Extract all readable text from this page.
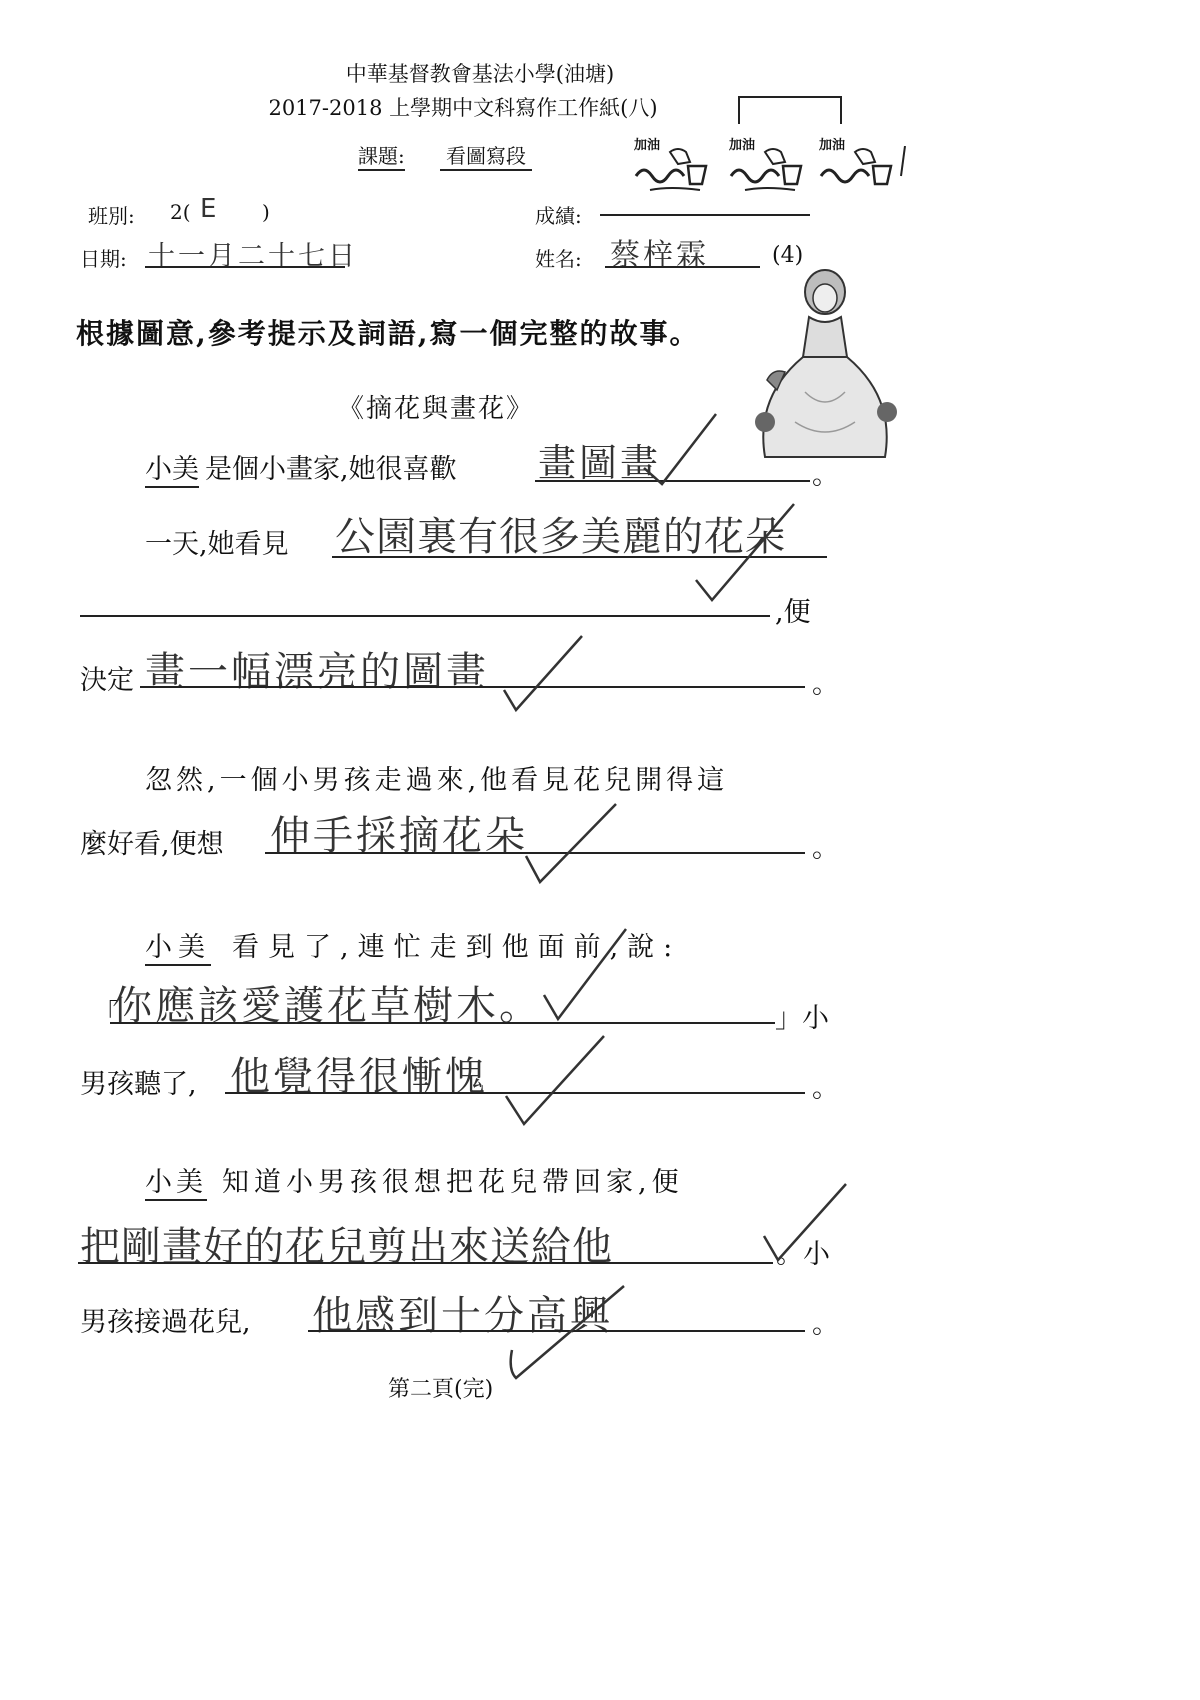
中華基督教會基法小學(油塘)
2017-2018 上學期中文科寫作工作紙(八)
課題:	看圖寫段	加油	加油	加油
班別: 2( E )	成績:
日期: 十一月二十七日	姓名: 蔡梓霖	(4)
根據圖意,參考提示及詞語,寫一個完整的故事。
《摘花與畫花》
小美 是個小畫家,她很喜歡 畫圖畫	。
一天,她看見 公園裏有很多美麗的花朵
,便
決定 畫一幅漂亮的圖畫	。
忽然,一個小男孩走過來,他看見花兒開得這
麼好看,便想 伸手採摘花朵	。
小美 看見了,連忙走到他面前,說:
「
你應該愛護花草樹木。	」小
男孩聽了, 他覺得很慚愧	。
小美 知道小男孩很想把花兒帶回家,便
把剛畫好的花兒剪出來送給他	。小
男孩接過花兒, 他感到十分高興	。
第二頁(完)
